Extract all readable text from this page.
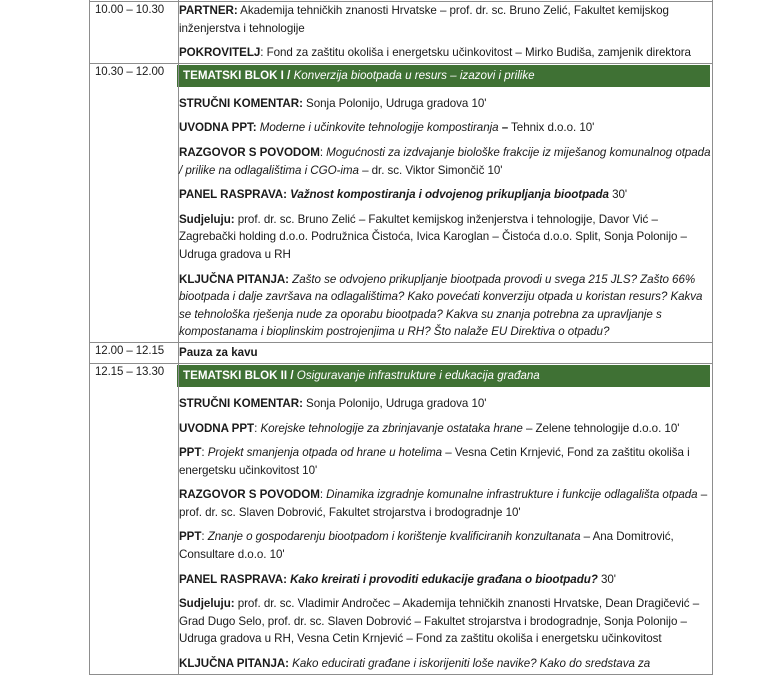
10.00 – 10.30	PARTNER: Akademija tehničkih znanosti Hrvatske – prof. dr. sc. Bruno Zelić, Fakultet kemijskog inženjerstva i tehnologije

POKROVITELJ: Fond za zaštitu okoliša i energetsku učinkovitost – Mirko Budiša, zamjenik direktora

10.30 – 12.00	TEMATSKI BLOK I / Konverzija biootpada u resurs – izazovi i prilike

STRUČNI KOMENTAR: Sonja Polonijo, Udruga gradova 10'

UVODNA PPT: Moderne i učinkovite tehnologije kompostiranja – Tehnix d.o.o. 10'

RAZGOVOR S POVODOM: Mogućnosti za izdvajanje biološke frakcije iz miješanog komunalnog otpada / prilike na odlagalištima i CGO-ima – dr. sc. Viktor Simončič 10'

PANEL RASPRAVA: Važnost kompostiranja i odvojenog prikupljanja biootpada 30'

Sudjeluju: prof. dr. sc. Bruno Zelić – Fakultet kemijskog inženjerstva i tehnologije, Davor Vić – Zagrebački holding d.o.o. Podružnica Čistoća, Ivica Karoglan – Čistoća d.o.o. Split, Sonja Polonijo – Udruga gradova u RH

KLJUČNA PITANJA: Zašto se odvojeno prikupljanje biootpada provodi u svega 215 JLS? Zašto 66% biootpada i dalje završava na odlagalištima? Kako povećati konverziju otpada u koristan resurs? Kakva se tehnološka rješenja nude za oporabu biootpada? Kakva su znanja potrebna za upravljanje s kompostanama i bioplinskim postrojenjima u RH? Što nalaže EU Direktiva o otpadu?

12.00 – 12.15	Pauza za kavu

12.15 – 13.30	TEMATSKI BLOK II / Osiguravanje infrastrukture i edukacija građana

STRUČNI KOMENTAR: Sonja Polonijo, Udruga gradova 10'

UVODNA PPT: Korejske tehnologije za zbrinjavanje ostataka hrane – Zelene tehnologije d.o.o. 10'

PPT: Projekt smanjenja otpada od hrane u hotelima – Vesna Cetin Krnjević, Fond za zaštitu okoliša i energetsku učinkovitost 10'

RAZGOVOR S POVODOM: Dinamika izgradnje komunalne infrastrukture i funkcije odlagališta otpada – prof. dr. sc. Slaven Dobrović, Fakultet strojarstva i brodogradnje 10'

PPT: Znanje o gospodarenju biootpadom i korištenje kvalificiranih konzultanata – Ana Domitrović, Consultare d.o.o. 10'

PANEL RASPRAVA: Kako kreirati i provoditi edukacije građana o biootpadu? 30'

Sudjeluju: prof. dr. sc. Vladimir Andročec – Akademija tehničkih znanosti Hrvatske, Dean Dragičević – Grad Dugo Selo, prof. dr. sc. Slaven Dobrović – Fakultet strojarstva i brodogradnje, Sonja Polonijo – Udruga gradova u RH, Vesna Cetin Krnjević – Fond za zaštitu okoliša i energetsku učinkovitost

KLJUČNA PITANJA: Kako educirati građane i iskorijeniti loše navike? Kako do sredstava za
